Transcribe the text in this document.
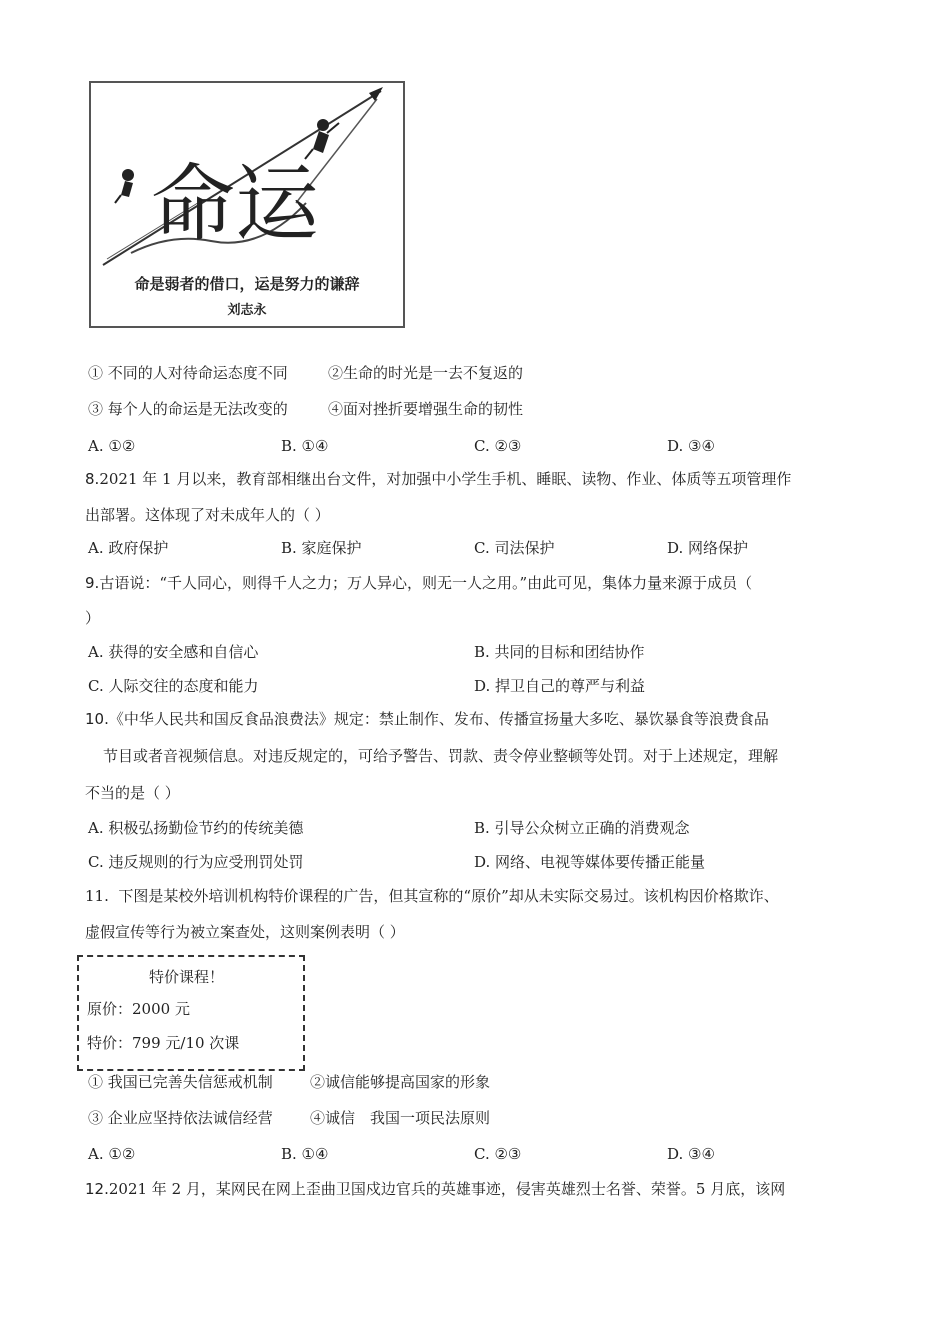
命运
命是弱者的借口，运是努力的谦辞
刘志永
① 不同的人对待命运态度不同	②生命的时光是一去不复返的
③ 每个人的命运是无法改变的	④面对挫折要增强生命的韧性
A. ①②	B. ①④	C. ②③	D. ③④
8.2021 年 1 月以来，教育部相继出台文件，对加强中小学生手机、睡眠、读物、作业、体质等五项管理作
出部署。这体现了对未成年人的（ ）
A. 政府保护	B. 家庭保护	C. 司法保护	D. 网络保护
9.古语说：“千人同心，则得千人之力；万人异心，则无一人之用。”由此可见，集体力量来源于成员（
）
A. 获得的安全感和自信心	B. 共同的目标和团结协作
C. 人际交往的态度和能力	D. 捍卫自己的尊严与利益
10.《中华人民共和国反食品浪费法》规定：禁止制作、发布、传播宣扬量大多吃、暴饮暴食等浪费食品
节目或者音视频信息。对违反规定的，可给予警告、罚款、责令停业整顿等处罚。对于上述规定，理解
不当的是（ ）
A. 积极弘扬勤俭节约的传统美德	B. 引导公众树立正确的消费观念
C. 违反规则的行为应受刑罚处罚	D. 网络、电视等媒体要传播正能量
11. 下图是某校外培训机构特价课程的广告，但其宣称的“原价”却从未实际交易过。该机构因价格欺诈、
虚假宣传等行为被立案查处，这则案例表明（ ）
特价课程！
原价：2000 元
特价：799 元/10 次课
① 我国已完善失信惩戒机制 ②诚信能够提高国家的形象
③ 企业应坚持依法诚信经营 ④诚信　我国一项民法原则
A. ①②	B. ①④	C. ②③	D. ③④
12.2021 年 2 月，某网民在网上歪曲卫国戍边官兵的英雄事迹，侵害英雄烈士名誉、荣誉。5 月底，该网
